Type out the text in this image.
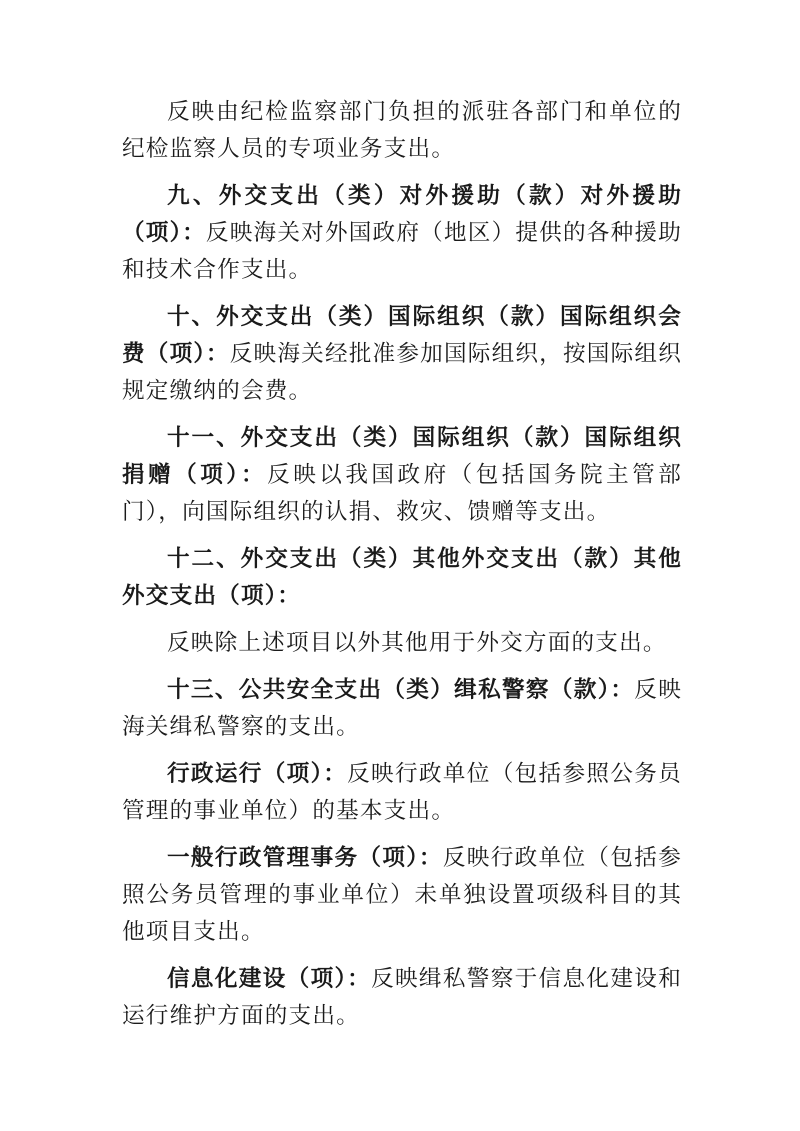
反映由纪检监察部门负担的派驻各部门和单位的纪检监察人员的专项业务支出。

九、外交支出（类）对外援助（款）对外援助（项）：反映海关对外国政府（地区）提供的各种援助和技术合作支出。

十、外交支出（类）国际组织（款）国际组织会费（项）：反映海关经批准参加国际组织，按国际组织规定缴纳的会费。

十一、外交支出（类）国际组织（款）国际组织捐赠（项）：反映以我国政府（包括国务院主管部门），向国际组织的认捐、救灾、馈赠等支出。

十二、外交支出（类）其他外交支出（款）其他外交支出（项）：

反映除上述项目以外其他用于外交方面的支出。

十三、公共安全支出（类）缉私警察（款）：反映海关缉私警察的支出。

行政运行（项）：反映行政单位（包括参照公务员管理的事业单位）的基本支出。

一般行政管理事务（项）：反映行政单位（包括参照公务员管理的事业单位）未单独设置项级科目的其他项目支出。

信息化建设（项）：反映缉私警察于信息化建设和运行维护方面的支出。
